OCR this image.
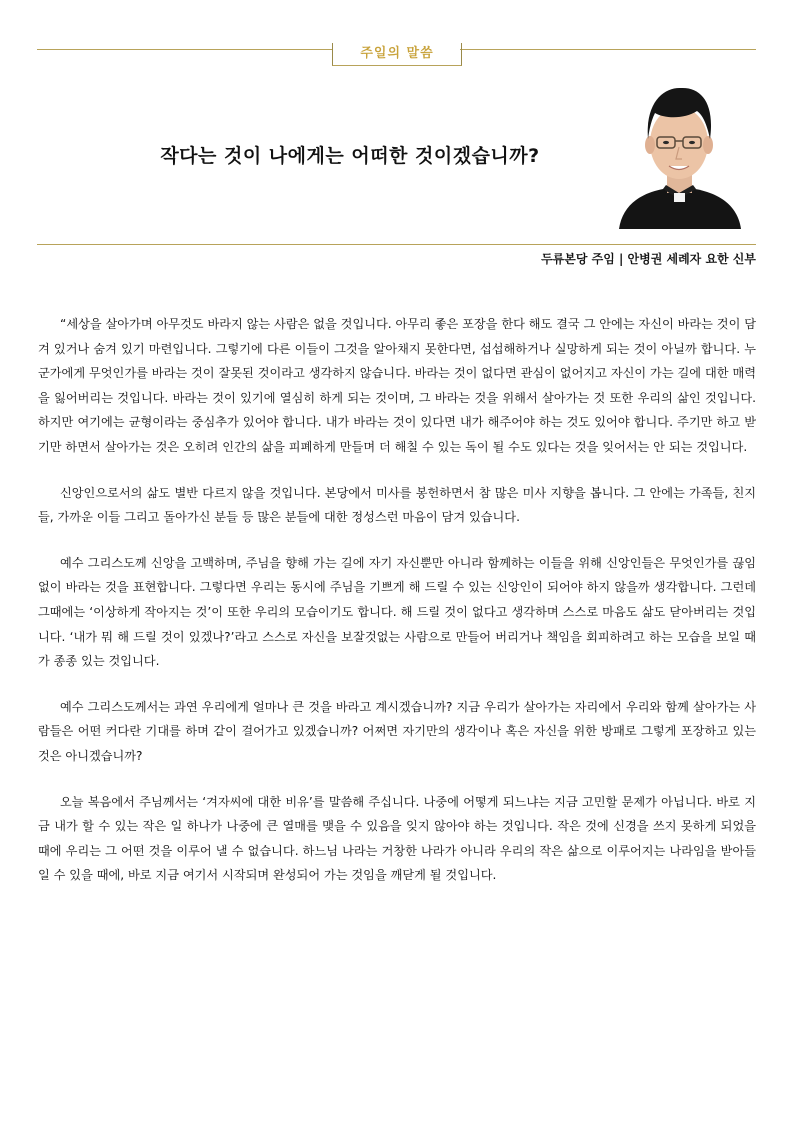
주일의 말씀
작다는 것이 나에게는 어떠한 것이겠습니까?
두류본당 주임 | 안병권 세례자 요한 신부

“세상을 살아가며 아무것도 바라지 않는 사람은 없을 것입니다. 아무리 좋은 포장을 한다 해도 결국 그 안에는 자신이 바라는 것이 담겨 있거나 숨겨 있기 마련입니다. 그렇기에 다른 이들이 그것을 알아채지 못한다면, 섭섭해하거나 실망하게 되는 것이 아닐까 합니다. 누군가에게 무엇인가를 바라는 것이 잘못된 것이라고 생각하지 않습니다. 바라는 것이 없다면 관심이 없어지고 자신이 가는 길에 대한 매력을 잃어버리는 것입니다. 바라는 것이 있기에 열심히 하게 되는 것이며, 그 바라는 것을 위해서 살아가는 것 또한 우리의 삶인 것입니다. 하지만 여기에는 균형이라는 중심추가 있어야 합니다. 내가 바라는 것이 있다면 내가 해주어야 하는 것도 있어야 합니다. 주기만 하고 받기만 하면서 살아가는 것은 오히려 인간의 삶을 피폐하게 만들며 더 해칠 수 있는 독이 될 수도 있다는 것을 잊어서는 안 되는 것입니다.

신앙인으로서의 삶도 별반 다르지 않을 것입니다. 본당에서 미사를 봉헌하면서 참 많은 미사 지향을 봅니다. 그 안에는 가족들, 친지들, 가까운 이들 그리고 돌아가신 분들 등 많은 분들에 대한 정성스런 마음이 담겨 있습니다.

예수 그리스도께 신앙을 고백하며, 주님을 향해 가는 길에 자기 자신뿐만 아니라 함께하는 이들을 위해 신앙인들은 무엇인가를 끊임없이 바라는 것을 표현합니다. 그렇다면 우리는 동시에 주님을 기쁘게 해 드릴 수 있는 신앙인이 되어야 하지 않을까 생각합니다. 그런데 그때에는 ‘이상하게 작아지는 것’이 또한 우리의 모습이기도 합니다. 해 드릴 것이 없다고 생각하며 스스로 마음도 삶도 닫아버리는 것입니다. ‘내가 뭐 해 드릴 것이 있겠나?’라고 스스로 자신을 보잘것없는 사람으로 만들어 버리거나 책임을 회피하려고 하는 모습을 보일 때가 종종 있는 것입니다.

예수 그리스도께서는 과연 우리에게 얼마나 큰 것을 바라고 계시겠습니까? 지금 우리가 살아가는 자리에서 우리와 함께 살아가는 사람들은 어떤 커다란 기대를 하며 같이 걸어가고 있겠습니까? 어쩌면 자기만의 생각이나 혹은 자신을 위한 방패로 그렇게 포장하고 있는 것은 아니겠습니까?

오늘 복음에서 주님께서는 ‘겨자씨에 대한 비유’를 말씀해 주십니다. 나중에 어떻게 되느냐는 지금 고민할 문제가 아닙니다. 바로 지금 내가 할 수 있는 작은 일 하나가 나중에 큰 열매를 맺을 수 있음을 잊지 않아야 하는 것입니다. 작은 것에 신경을 쓰지 못하게 되었을 때에 우리는 그 어떤 것을 이루어 낼 수 없습니다. 하느님 나라는 거창한 나라가 아니라 우리의 작은 삶으로 이루어지는 나라임을 받아들일 수 있을 때에, 바로 지금 여기서 시작되며 완성되어 가는 것임을 깨닫게 될 것입니다.
